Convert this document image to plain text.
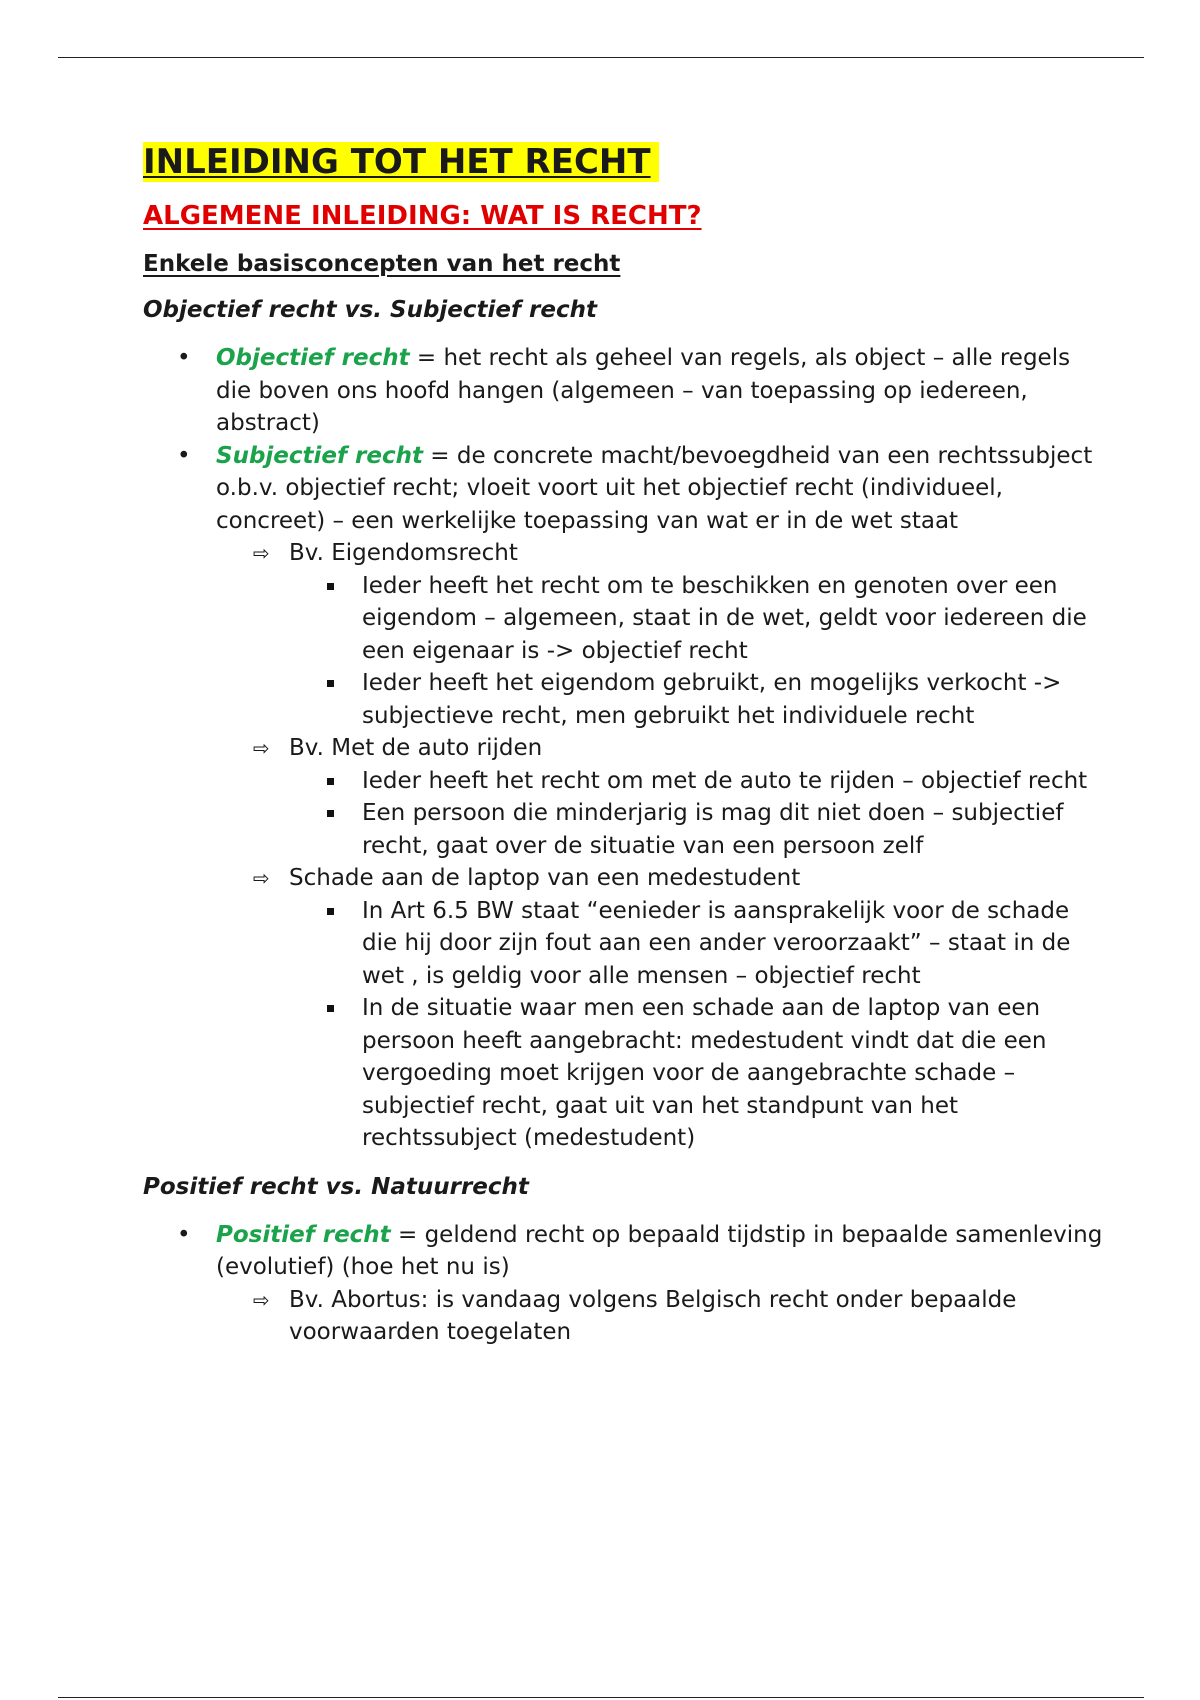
INLEIDING TOT HET RECHT
ALGEMENE INLEIDING: WAT IS RECHT?
Enkele basisconcepten van het recht
Objectief recht vs. Subjectief recht
• Objectief recht = het recht als geheel van regels, als object – alle regels die boven ons hoofd hangen (algemeen – van toepassing op iedereen, abstract)
• Subjectief recht = de concrete macht/bevoegdheid van een rechtssubject o.b.v. objectief recht; vloeit voort uit het objectief recht (individueel, concreet) – een werkelijke toepassing van wat er in de wet staat
⇨ Bv. Eigendomsrecht
Ieder heeft het recht om te beschikken en genoten over een eigendom – algemeen, staat in de wet, geldt voor iedereen die een eigenaar is -> objectief recht
Ieder heeft het eigendom gebruikt, en mogelijks verkocht -> subjectieve recht, men gebruikt het individuele recht
⇨ Bv. Met de auto rijden
Ieder heeft het recht om met de auto te rijden – objectief recht
Een persoon die minderjarig is mag dit niet doen – subjectief recht, gaat over de situatie van een persoon zelf
⇨ Schade aan de laptop van een medestudent
In Art 6.5 BW staat “eenieder is aansprakelijk voor de schade die hij door zijn fout aan een ander veroorzaakt” – staat in de wet , is geldig voor alle mensen – objectief recht
In de situatie waar men een schade aan de laptop van een persoon heeft aangebracht: medestudent vindt dat die een vergoeding moet krijgen voor de aangebrachte schade – subjectief recht, gaat uit van het standpunt van het rechtssubject (medestudent)
Positief recht vs. Natuurrecht
• Positief recht = geldend recht op bepaald tijdstip in bepaalde samenleving (evolutief) (hoe het nu is)
⇨ Bv. Abortus: is vandaag volgens Belgisch recht onder bepaalde voorwaarden toegelaten
